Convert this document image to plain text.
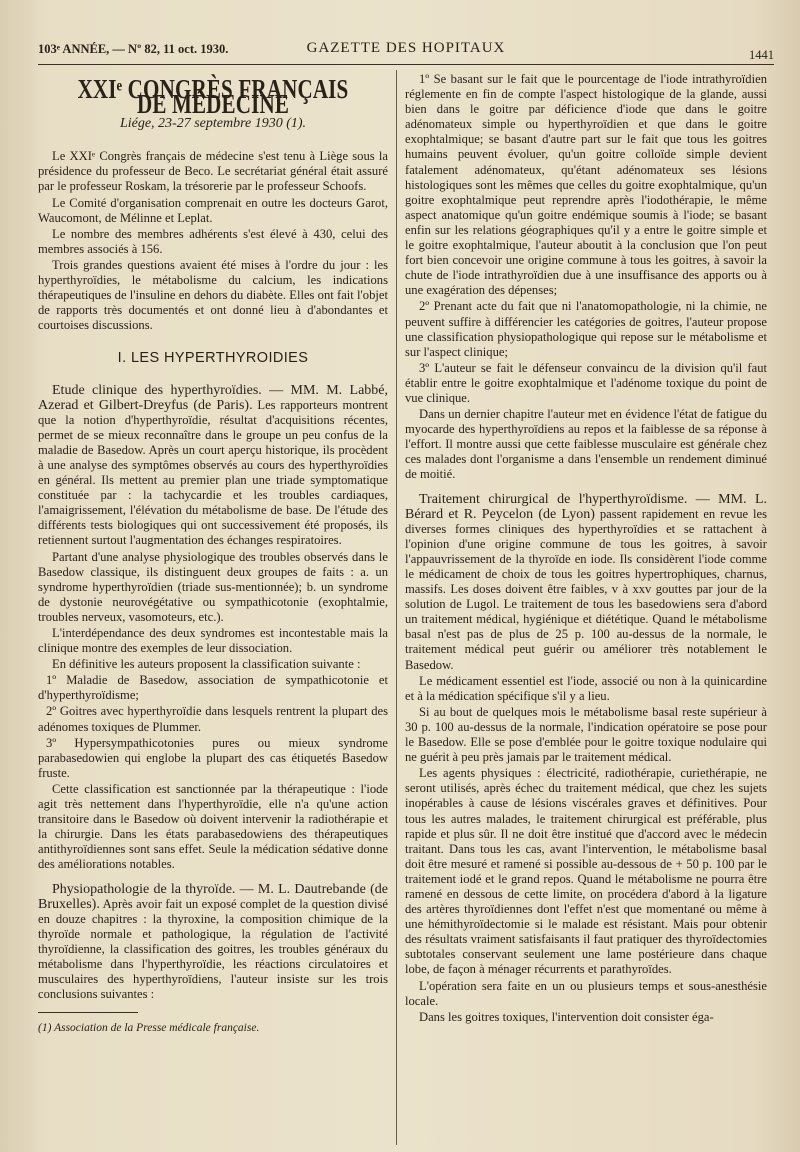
103ᵉ ANNÉE, — Nº 82, 11 oct. 1930.	GAZETTE DES HOPITAUX	1441
XXIᵉ CONGRÈS FRANÇAIS DE MÉDECINE
Liége, 23-27 septembre 1930 (1).

Le XXIᵉ Congrès français de médecine s'est tenu à Liège sous la présidence du professeur de Beco. Le secrétariat général était assuré par le professeur Roskam, la trésorerie par le professeur Schoofs.

Le Comité d'organisation comprenait en outre les docteurs Garot, Waucomont, de Mélinne et Leplat.

Le nombre des membres adhérents s'est élevé à 430, celui des membres associés à 156.

Trois grandes questions avaient été mises à l'ordre du jour : les hyperthyroïdies, le métabolisme du calcium, les indications thérapeutiques de l'insuline en dehors du diabète. Elles ont fait l'objet de rapports très documentés et ont donné lieu à d'abondantes et courtoises discussions.

I. LES HYPERTHYROIDIES

Etude clinique des hyperthyroïdies. — MM. M. Labbé, Azerad et Gilbert-Dreyfus (de Paris). Les rapporteurs montrent que la notion d'hyperthyroïdie, résultat d'acquisitions récentes, permet de se mieux reconnaître dans le groupe un peu confus de la maladie de Basedow. Après un court aperçu historique, ils procèdent à une analyse des symptômes observés au cours des hyperthyroïdies en général. Ils mettent au premier plan une triade symptomatique constituée par : la tachycardie et les troubles cardiaques, l'amaigrissement, l'élévation du métabolisme de base. De l'étude des différents tests biologiques qui ont successivement été proposés, ils retiennent surtout l'augmentation des échanges respiratoires.

Partant d'une analyse physiologique des troubles observés dans le Basedow classique, ils distinguent deux groupes de faits : a. un syndrome hyperthyroïdien (triade sus-mentionnée); b. un syndrome de dystonie neurovégétative ou sympathicotonie (exophtalmie, troubles nerveux, vasomoteurs, etc.).

L'interdépendance des deux syndromes est incontestable mais la clinique montre des exemples de leur dissociation.

En définitive les auteurs proposent la classification suivante :

1º Maladie de Basedow, association de sympathicotonie et d'hyperthyroïdisme;

2º Goitres avec hyperthyroïdie dans lesquels rentrent la plupart des adénomes toxiques de Plummer.

3º Hypersympathicotonies pures ou mieux syndrome parabasedowien qui englobe la plupart des cas étiquetés Basedow fruste.

Cette classification est sanctionnée par la thérapeutique : l'iode agit très nettement dans l'hyperthyroïdie, elle n'a qu'une action transitoire dans le Basedow où doivent intervenir la radiothérapie et la chirurgie. Dans les états parabasedowiens des thérapeutiques antithyroïdiennes sont sans effet. Seule la médication sédative donne des améliorations notables.

Physiopathologie de la thyroïde. — M. L. Dautrebande (de Bruxelles). Après avoir fait un exposé complet de la question divisé en douze chapitres : la thyroxine, la composition chimique de la thyroïde normale et pathologique, la régulation de l'activité thyroïdienne, la classification des goitres, les troubles généraux du métabolisme dans l'hyperthyroïdie, les réactions circulatoires et musculaires des hyperthyroïdiens, l'auteur insiste sur les trois conclusions suivantes :

(1) Association de la Presse médicale française.

1º Se basant sur le fait que le pourcentage de l'iode intrathyroïdien réglemente en fin de compte l'aspect histologique de la glande, aussi bien dans le goitre par déficience d'iode que dans le goitre adénomateux simple ou hyperthyroïdien et que dans le goitre exophtalmique; se basant d'autre part sur le fait que tous les goitres humains peuvent évoluer, qu'un goitre colloïde simple devient fatalement adénomateux, qu'étant adénomateux ses lésions histologiques sont les mêmes que celles du goitre exophtalmique, qu'un goitre exophtalmique peut reprendre après l'iodothérapie, le même aspect anatomique qu'un goitre endémique soumis à l'iode; se basant enfin sur les relations géographiques qu'il y a entre le goitre simple et le goitre exophtalmique, l'auteur aboutit à la conclusion que l'on peut fort bien concevoir une origine commune à tous les goitres, à savoir la chute de l'iode intrathyroïdien due à une insuffisance des apports ou à une exagération des dépenses;

2º Prenant acte du fait que ni l'anatomopathologie, ni la chimie, ne peuvent suffire à différencier les catégories de goitres, l'auteur propose une classification physiopathologique qui repose sur le métabolisme et sur l'aspect clinique;

3º L'auteur se fait le défenseur convaincu de la division qu'il faut établir entre le goitre exophtalmique et l'adénome toxique du point de vue clinique.

Dans un dernier chapitre l'auteur met en évidence l'état de fatigue du myocarde des hyperthyroïdiens au repos et la faiblesse de sa réponse à l'effort. Il montre aussi que cette faiblesse musculaire est générale chez ces malades dont l'organisme a dans l'ensemble un rendement diminué de moitié.

Traitement chirurgical de l'hyperthyroïdisme. — MM. L. Bérard et R. Peycelon (de Lyon) passent rapidement en revue les diverses formes cliniques des hyperthyroïdies et se rattachent à l'opinion d'une origine commune de tous les goitres, à savoir l'appauvrissement de la thyroïde en iode. Ils considèrent l'iode comme le médicament de choix de tous les goitres hypertrophiques, charnus, massifs. Les doses doivent être faibles, v à xxv gouttes par jour de la solution de Lugol. Le traitement de tous les basedowiens sera d'abord un traitement médical, hygiénique et diététique. Quand le métabolisme basal n'est pas de plus de 25 p. 100 au-dessus de la normale, le traitement médical peut guérir ou améliorer très notablement le Basedow.

Le médicament essentiel est l'iode, associé ou non à la quinicardine et à la médication spécifique s'il y a lieu.

Si au bout de quelques mois le métabolisme basal reste supérieur à 30 p. 100 au-dessus de la normale, l'indication opératoire se pose pour le Basedow. Elle se pose d'emblée pour le goitre toxique nodulaire qui ne guérit à peu près jamais par le traitement médical.

Les agents physiques : électricité, radiothérapie, curiethérapie, ne seront utilisés, après échec du traitement médical, que chez les sujets inopérables à cause de lésions viscérales graves et définitives. Pour tous les autres malades, le traitement chirurgical est préférable, plus rapide et plus sûr. Il ne doit être institué que d'accord avec le médecin traitant. Dans tous les cas, avant l'intervention, le métabolisme basal doit être mesuré et ramené si possible au-dessous de + 50 p. 100 par le traitement iodé et le grand repos. Quand le métabolisme ne pourra être ramené en dessous de cette limite, on procédera d'abord à la ligature des artères thyroïdiennes dont l'effet n'est que momentané ou même à une hémithyroïdectomie si le malade est résistant. Mais pour obtenir des résultats vraiment satisfaisants il faut pratiquer des thyroïdectomies subtotales conservant seulement une lame postérieure dans chaque lobe, de façon à ménager récurrents et parathyroïdes.

L'opération sera faite en un ou plusieurs temps et sous-anesthésie locale.

Dans les goitres toxiques, l'intervention doit consister éga-
